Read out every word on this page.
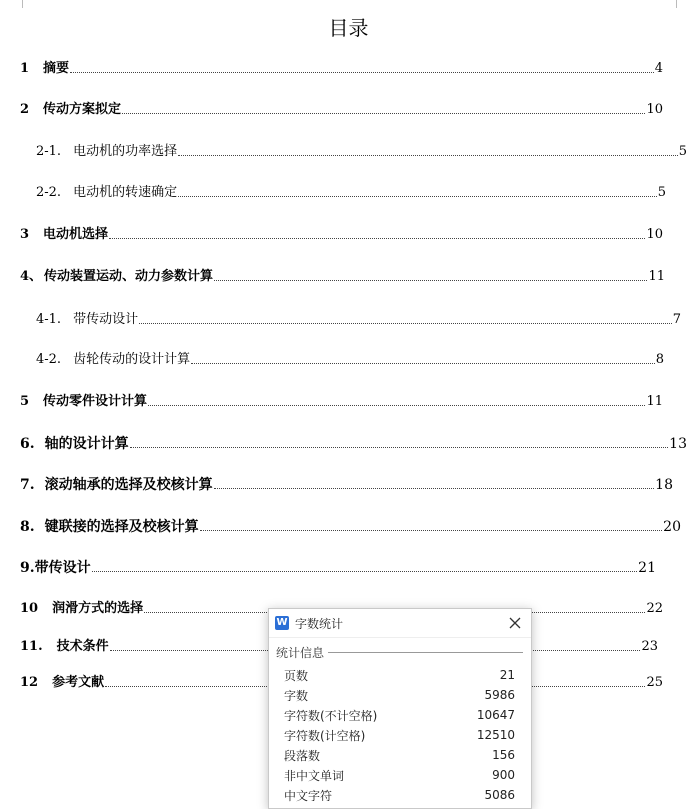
目录
1 摘要	4
2 传动方案拟定	10
2-1. 电动机的功率选择	5
2-2. 电动机的转速确定	5
3 电动机选择	10
4、 传动装置运动、动力参数计算	11
4-1. 带传动设计	7
4-2. 齿轮传动的设计计算	8
5 传动零件设计计算	11
6. 轴的设计计算	13
7. 滚动轴承的选择及校核计算	18
8. 键联接的选择及校核计算	20
9. 带传设计	21
10 润滑方式的选择	22
11. 技术条件	23
12 参考文献	25
W 字数统计
统计信息
页数	21
字数	5986
字符数(不计空格)	10647
字符数(计空格)	12510
段落数	156
非中文单词	900
中文字符	5086
